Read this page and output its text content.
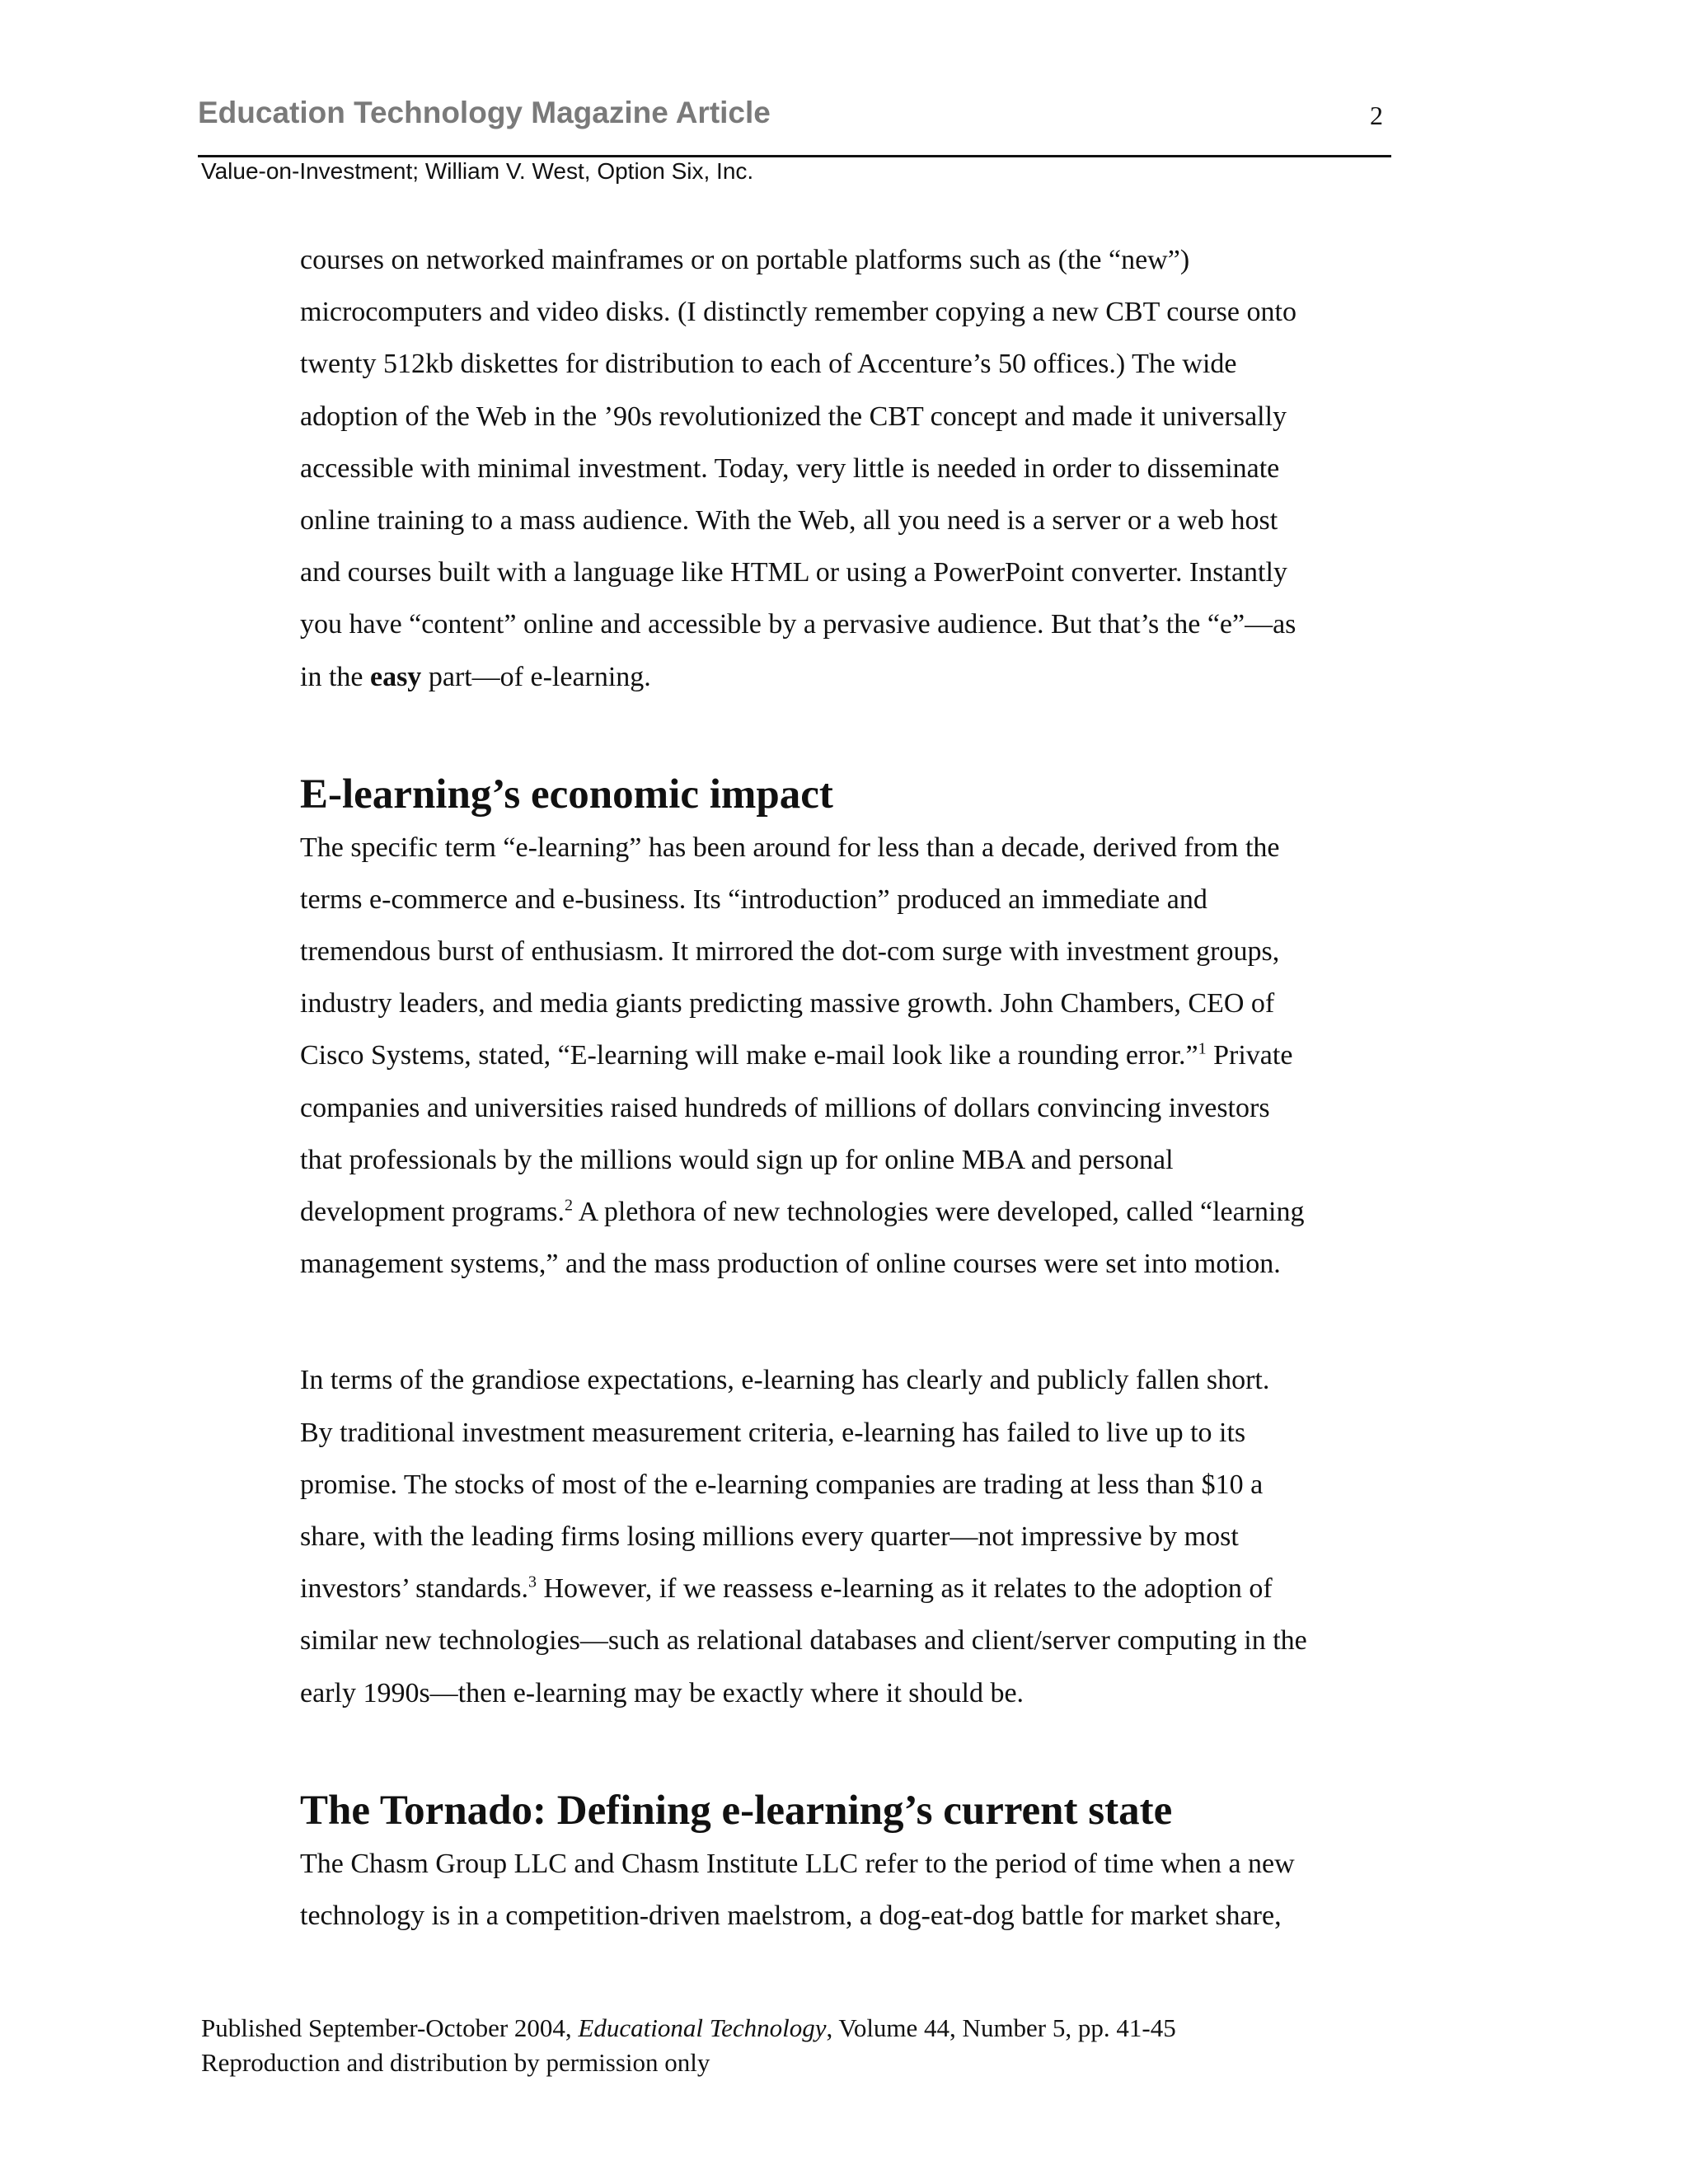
Education Technology Magazine Article	2
Value-on-Investment; William V. West, Option Six, Inc.

courses on networked mainframes or on portable platforms such as (the “new”)
microcomputers and video disks. (I distinctly remember copying a new CBT course onto
twenty 512kb diskettes for distribution to each of Accenture’s 50 offices.) The wide
adoption of the Web in the ’90s revolutionized the CBT concept and made it universally
accessible with minimal investment. Today, very little is needed in order to disseminate
online training to a mass audience. With the Web, all you need is a server or a web host
and courses built with a language like HTML or using a PowerPoint converter. Instantly
you have “content” online and accessible by a pervasive audience. But that’s the “e”—as
in the easy part—of e-learning.

E-learning’s economic impact

The specific term “e-learning” has been around for less than a decade, derived from the
terms e-commerce and e-business. Its “introduction” produced an immediate and
tremendous burst of enthusiasm. It mirrored the dot-com surge with investment groups,
industry leaders, and media giants predicting massive growth. John Chambers, CEO of
Cisco Systems, stated, “E-learning will make e-mail look like a rounding error.”$^1$ Private
companies and universities raised hundreds of millions of dollars convincing investors
that professionals by the millions would sign up for online MBA and personal
development programs.$^2$ A plethora of new technologies were developed, called “learning
management systems,” and the mass production of online courses were set into motion.

In terms of the grandiose expectations, e-learning has clearly and publicly fallen short.
By traditional investment measurement criteria, e-learning has failed to live up to its
promise. The stocks of most of the e-learning companies are trading at less than $10 a
share, with the leading firms losing millions every quarter—not impressive by most
investors’ standards.$^3$ However, if we reassess e-learning as it relates to the adoption of
similar new technologies—such as relational databases and client/server computing in the
early 1990s—then e-learning may be exactly where it should be.

The Tornado: Defining e-learning’s current state

The Chasm Group LLC and Chasm Institute LLC refer to the period of time when a new
technology is in a competition-driven maelstrom, a dog-eat-dog battle for market share,

Published September-October 2004, Educational Technology, Volume 44, Number 5, pp. 41-45
Reproduction and distribution by permission only
